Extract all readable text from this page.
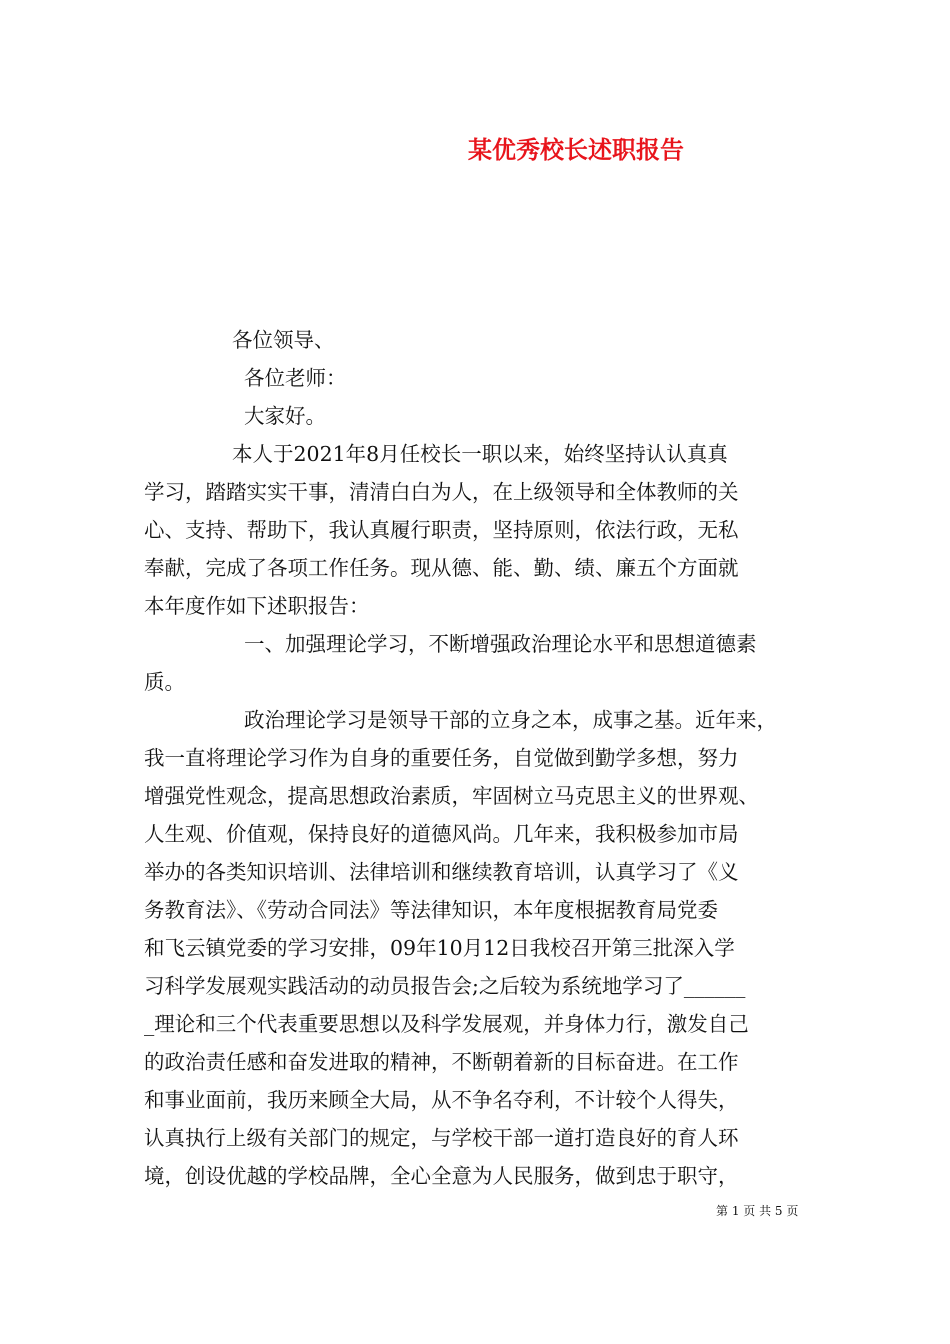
某优秀校长述职报告
各位领导、
各位老师：
大家好。
本人于2021年8月任校长一职以来，始终坚持认认真真
学习，踏踏实实干事，清清白白为人，在上级领导和全体教师的关
心、支持、帮助下，我认真履行职责，坚持原则，依法行政，无私
奉献，完成了各项工作任务。现从德、能、勤、绩、廉五个方面就
本年度作如下述职报告：
一、加强理论学习，不断增强政治理论水平和思想道德素
质。
政治理论学习是领导干部的立身之本，成事之基。近年来，
我一直将理论学习作为自身的重要任务，自觉做到勤学多想，努力
增强党性观念，提高思想政治素质，牢固树立马克思主义的世界观、
人生观、价值观，保持良好的道德风尚。几年来，我积极参加市局
举办的各类知识培训、法律培训和继续教育培训，认真学习了《义
务教育法》、《劳动合同法》等法律知识，本年度根据教育局党委
和飞云镇党委的学习安排，09年10月12日我校召开第三批深入学
习科学发展观实践活动的动员报告会;之后较为系统地学习了______
_理论和三个代表重要思想以及科学发展观，并身体力行，激发自己
的政治责任感和奋发进取的精神，不断朝着新的目标奋进。在工作
和事业面前，我历来顾全大局，从不争名夺利，不计较个人得失，
认真执行上级有关部门的规定，与学校干部一道打造良好的育人环
境，创设优越的学校品牌，全心全意为人民服务，做到忠于职守，
第 1 页 共 5 页
